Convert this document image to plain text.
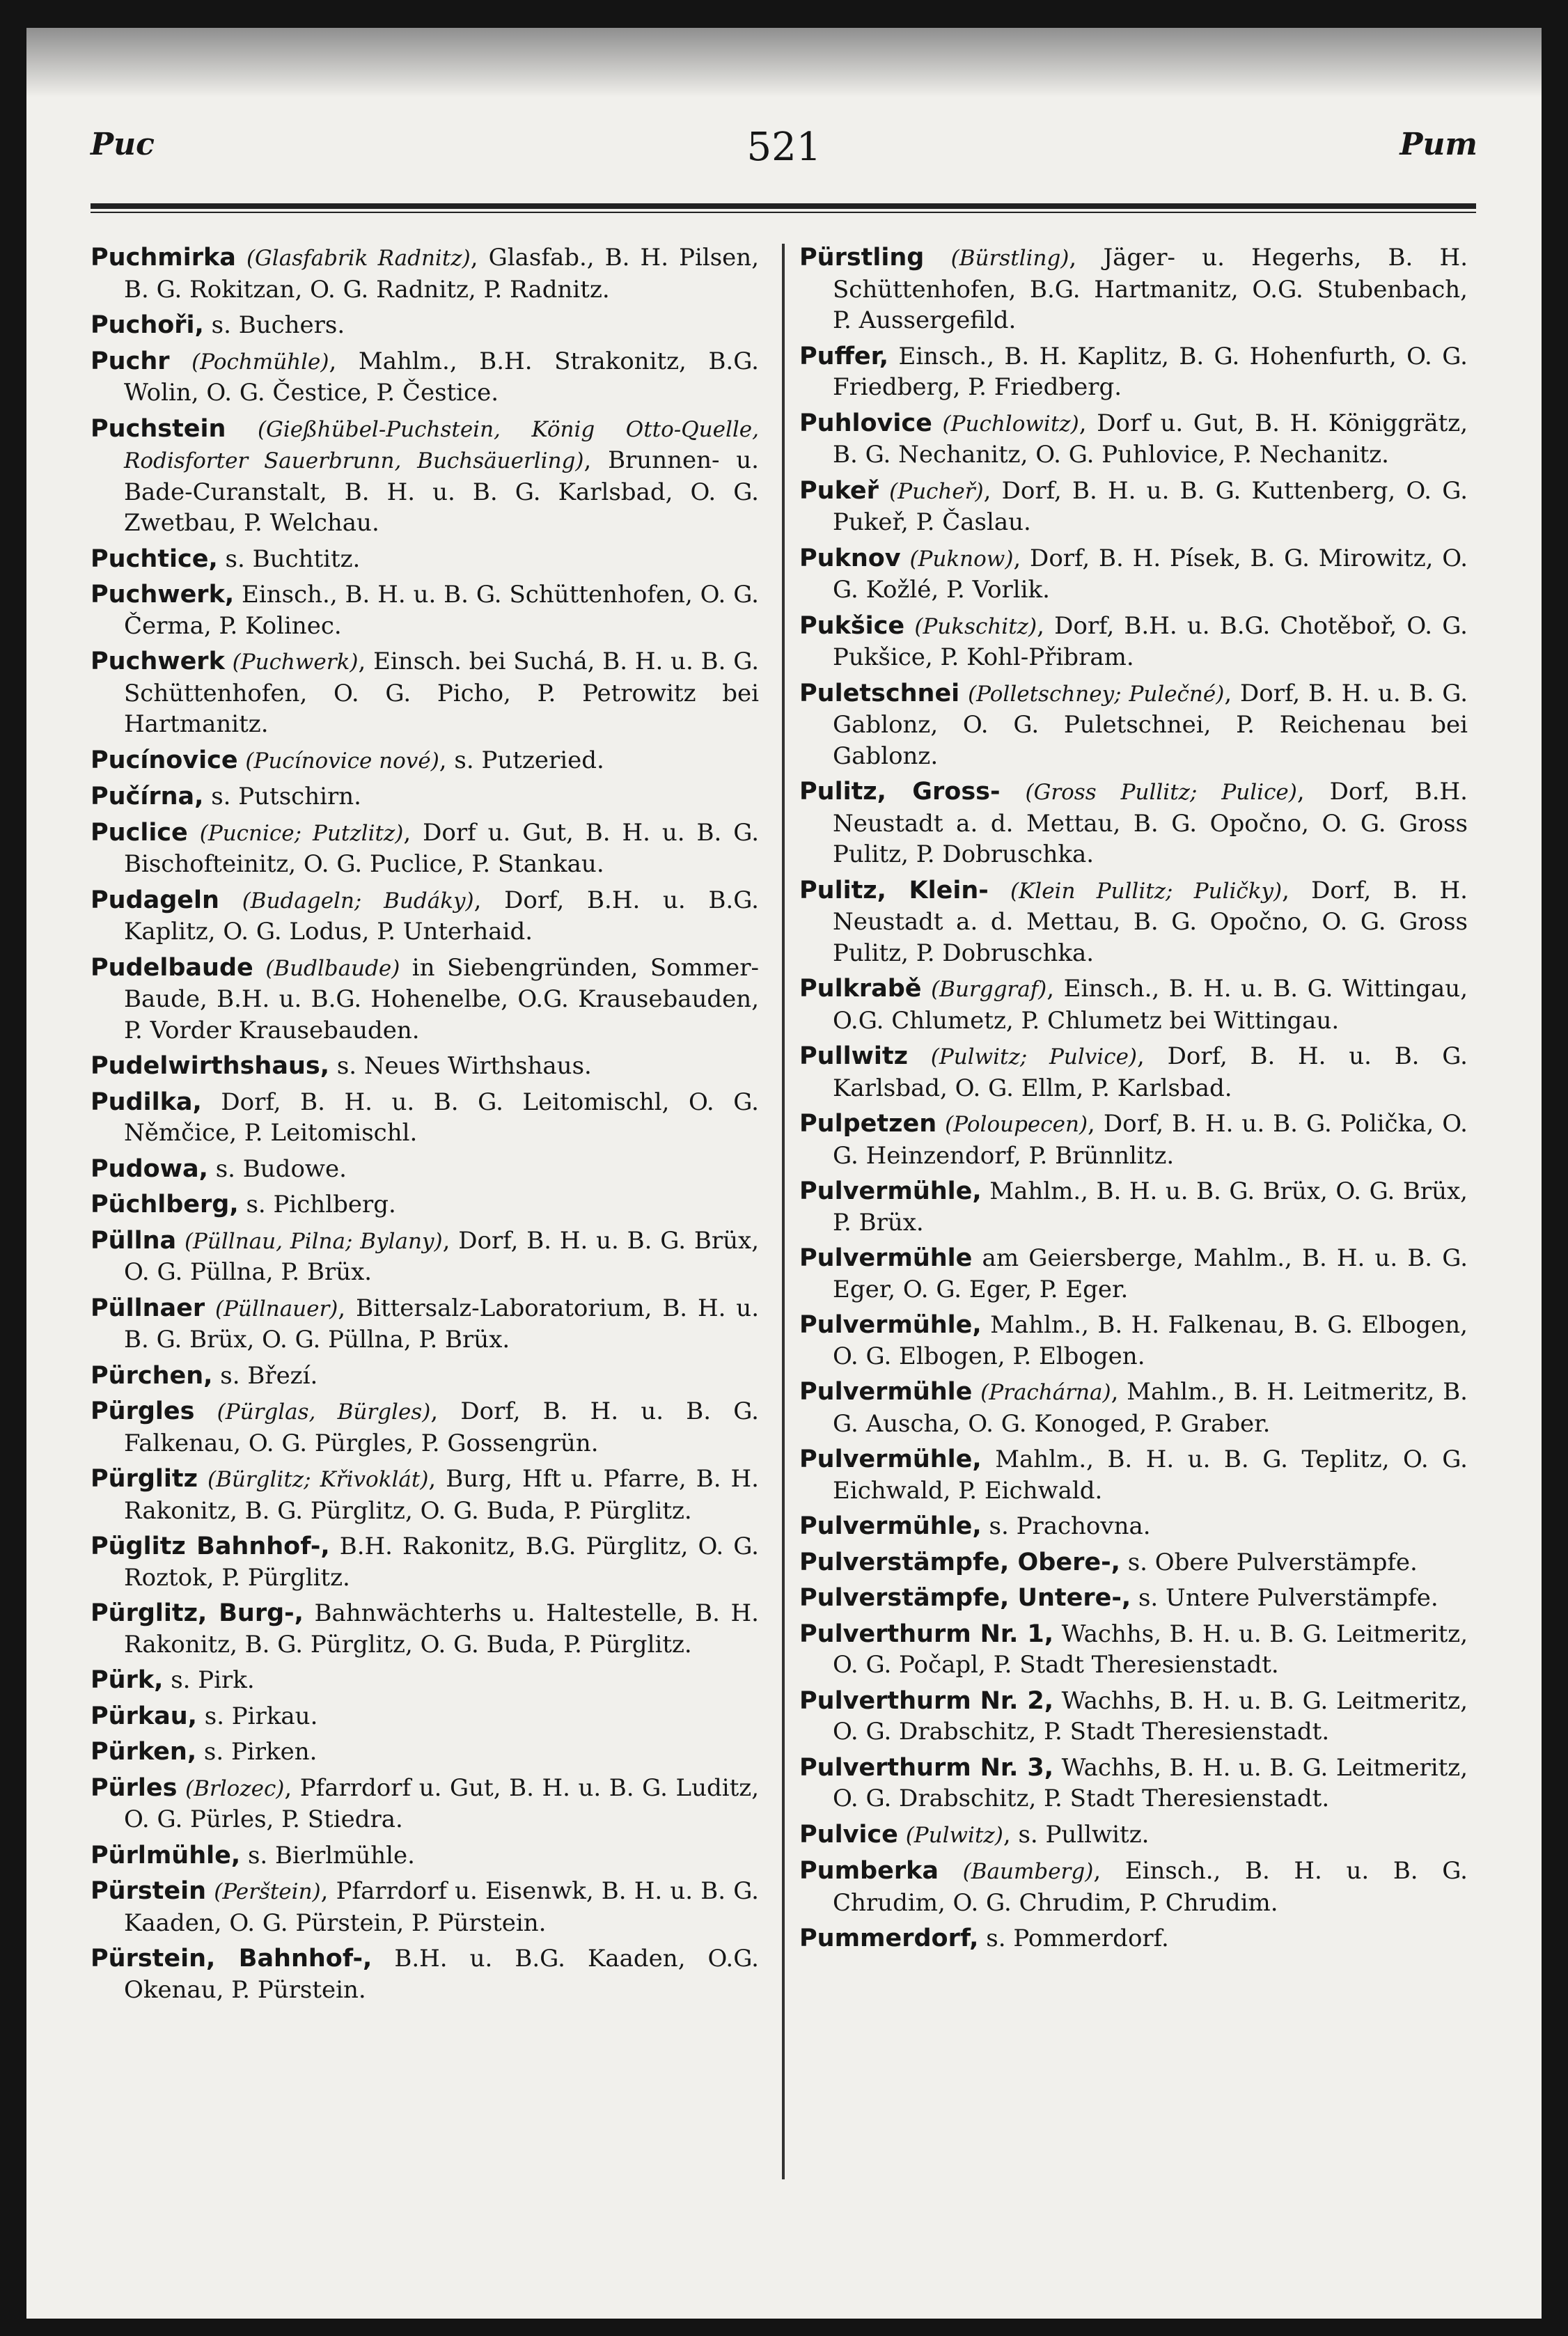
Puc	521	Pum
Puchmirka (Glasfabrik Radnitz), Glasfab., B. H. Pilsen, B. G. Rokitzan, O. G. Radnitz, P. Radnitz.
Puchoři, s. Buchers.
Puchr (Pochmühle), Mahlm., B.H. Strakonitz, B.G. Wolin, O. G. Čestice, P. Čestice.
Puchstein (Gießhübel-Puchstein, König Otto-Quelle, Rodisforter Sauerbrunn, Buchsäuerling), Brunnen- u. Bade-Curanstalt, B. H. u. B. G. Karlsbad, O. G. Zwetbau, P. Welchau.
Puchtice, s. Buchtitz.
Puchwerk, Einsch., B. H. u. B. G. Schüttenhofen, O. G. Čerma, P. Kolinec.
Puchwerk (Puchwerk), Einsch. bei Suchá, B. H. u. B. G. Schüttenhofen, O. G. Picho, P. Petrowitz bei Hartmanitz.
Pucínovice (Pucínovice nové), s. Putzeried.
Pučírna, s. Putschirn.
Puclice (Pucnice; Putzlitz), Dorf u. Gut, B. H. u. B. G. Bischofteinitz, O. G. Puclice, P. Stankau.
Pudageln (Budageln; Budáky), Dorf, B.H. u. B.G. Kaplitz, O. G. Lodus, P. Unterhaid.
Pudelbaude (Budlbaude) in Siebengründen, Sommer-Baude, B.H. u. B.G. Hohenelbe, O.G. Krausebauden, P. Vorder Krausebauden.
Pudelwirthshaus, s. Neues Wirthshaus.
Pudilka, Dorf, B. H. u. B. G. Leitomischl, O. G. Němčice, P. Leitomischl.
Pudowa, s. Budowe.
Püchlberg, s. Pichlberg.
Püllna (Püllnau, Pilna; Bylany), Dorf, B. H. u. B. G. Brüx, O. G. Püllna, P. Brüx.
Püllnaer (Püllnauer), Bittersalz-Laboratorium, B. H. u. B. G. Brüx, O. G. Püllna, P. Brüx.
Pürchen, s. Březí.
Pürgles (Pürglas, Bürgles), Dorf, B. H. u. B. G. Falkenau, O. G. Pürgles, P. Gossengrün.
Pürglitz (Bürglitz; Křivoklát), Burg, Hft u. Pfarre, B. H. Rakonitz, B. G. Pürglitz, O. G. Buda, P. Pürglitz.
Püglitz Bahnhof-, B.H. Rakonitz, B.G. Pürglitz, O. G. Roztok, P. Pürglitz.
Pürglitz, Burg-, Bahnwächterhs u. Haltestelle, B. H. Rakonitz, B. G. Pürglitz, O. G. Buda, P. Pürglitz.
Pürk, s. Pirk.
Pürkau, s. Pirkau.
Pürken, s. Pirken.
Pürles (Brlozec), Pfarrdorf u. Gut, B. H. u. B. G. Luditz, O. G. Pürles, P. Stiedra.
Pürlmühle, s. Bierlmühle.
Pürstein (Perštein), Pfarrdorf u. Eisenwk, B. H. u. B. G. Kaaden, O. G. Pürstein, P. Pürstein.
Pürstein, Bahnhof-, B.H. u. B.G. Kaaden, O.G. Okenau, P. Pürstein.
Pürstling (Bürstling), Jäger- u. Hegerhs, B. H. Schüttenhofen, B.G. Hartmanitz, O.G. Stubenbach, P. Aussergefild.
Puffer, Einsch., B. H. Kaplitz, B. G. Hohenfurth, O. G. Friedberg, P. Friedberg.
Puhlovice (Puchlowitz), Dorf u. Gut, B. H. Königgrätz, B. G. Nechanitz, O. G. Puhlovice, P. Nechanitz.
Pukeř (Pucheř), Dorf, B. H. u. B. G. Kuttenberg, O. G. Pukeř, P. Časlau.
Puknov (Puknow), Dorf, B. H. Písek, B. G. Mirowitz, O. G. Kožlé, P. Vorlik.
Pukšice (Pukschitz), Dorf, B.H. u. B.G. Chotěboř, O. G. Pukšice, P. Kohl-Přibram.
Puletschnei (Polletschney; Pulečné), Dorf, B. H. u. B. G. Gablonz, O. G. Puletschnei, P. Reichenau bei Gablonz.
Pulitz, Gross- (Gross Pullitz; Pulice), Dorf, B.H. Neustadt a. d. Mettau, B. G. Opočno, O. G. Gross Pulitz, P. Dobruschka.
Pulitz, Klein- (Klein Pullitz; Puličky), Dorf, B. H. Neustadt a. d. Mettau, B. G. Opočno, O. G. Gross Pulitz, P. Dobruschka.
Pulkrabě (Burggraf), Einsch., B. H. u. B. G. Wittingau, O.G. Chlumetz, P. Chlumetz bei Wittingau.
Pullwitz (Pulwitz; Pulvice), Dorf, B. H. u. B. G. Karlsbad, O. G. Ellm, P. Karlsbad.
Pulpetzen (Poloupecen), Dorf, B. H. u. B. G. Polička, O. G. Heinzendorf, P. Brünnlitz.
Pulvermühle, Mahlm., B. H. u. B. G. Brüx, O. G. Brüx, P. Brüx.
Pulvermühle am Geiersberge, Mahlm., B. H. u. B. G. Eger, O. G. Eger, P. Eger.
Pulvermühle, Mahlm., B. H. Falkenau, B. G. Elbogen, O. G. Elbogen, P. Elbogen.
Pulvermühle (Prachárna), Mahlm., B. H. Leitmeritz, B. G. Auscha, O. G. Konoged, P. Graber.
Pulvermühle, Mahlm., B. H. u. B. G. Teplitz, O. G. Eichwald, P. Eichwald.
Pulvermühle, s. Prachovna.
Pulverstämpfe, Obere-, s. Obere Pulverstämpfe.
Pulverstämpfe, Untere-, s. Untere Pulverstämpfe.
Pulverthurm Nr. 1, Wachhs, B. H. u. B. G. Leitmeritz, O. G. Počapl, P. Stadt Theresienstadt.
Pulverthurm Nr. 2, Wachhs, B. H. u. B. G. Leitmeritz, O. G. Drabschitz, P. Stadt Theresienstadt.
Pulverthurm Nr. 3, Wachhs, B. H. u. B. G. Leitmeritz, O. G. Drabschitz, P. Stadt Theresienstadt.
Pulvice (Pulwitz), s. Pullwitz.
Pumberka (Baumberg), Einsch., B. H. u. B. G. Chrudim, O. G. Chrudim, P. Chrudim.
Pummerdorf, s. Pommerdorf.
